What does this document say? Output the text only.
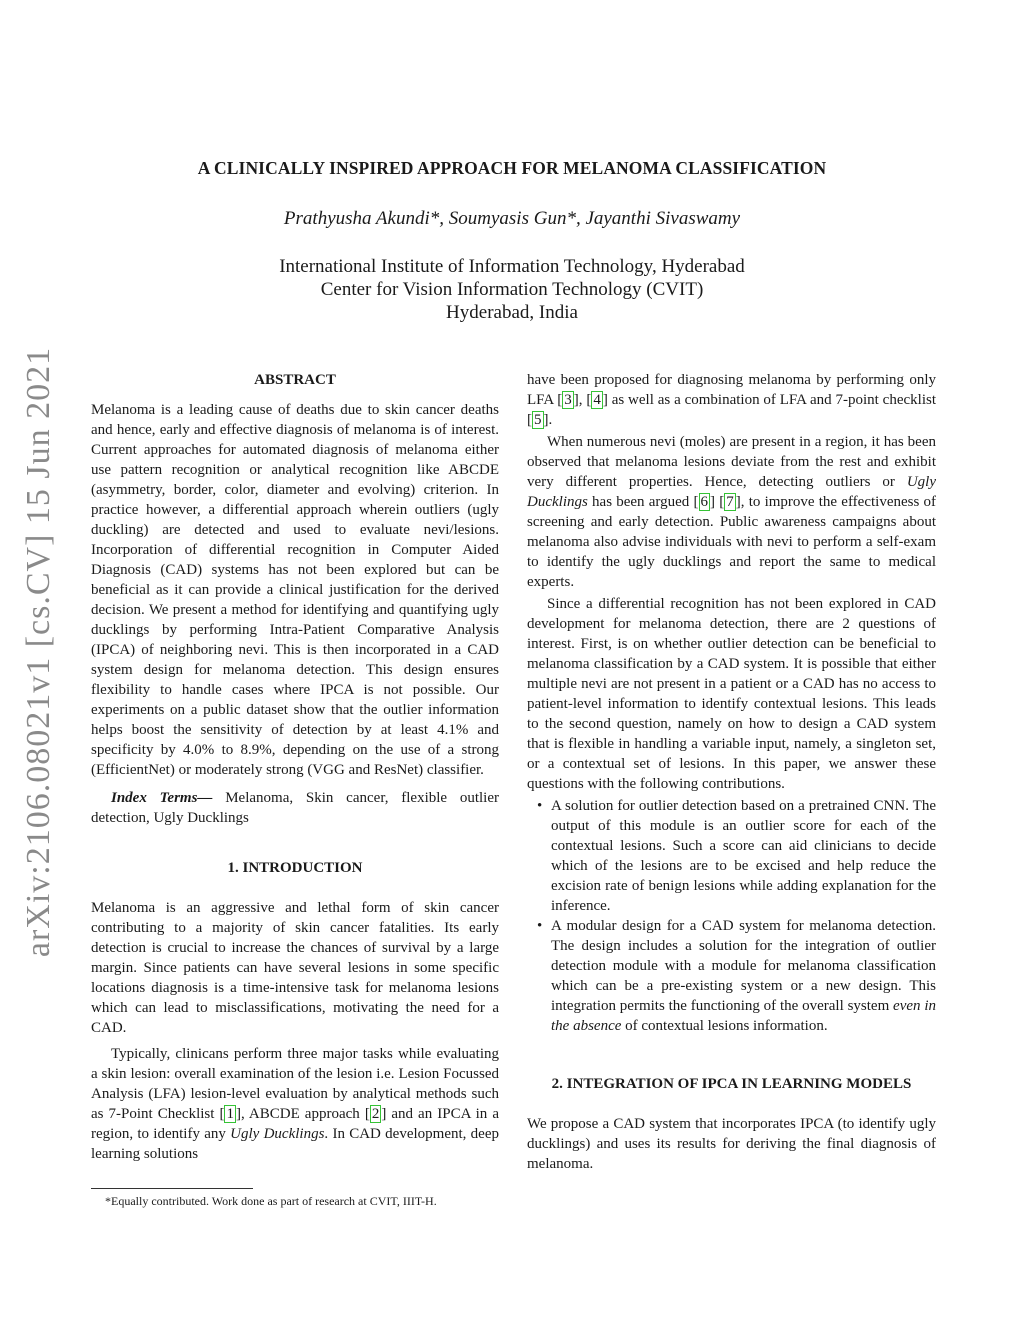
arXiv:2106.08021v1 [cs.CV] 15 Jun 2021
A CLINICALLY INSPIRED APPROACH FOR MELANOMA CLASSIFICATION
Prathyusha Akundi*, Soumyasis Gun*, Jayanthi Sivaswamy
International Institute of Information Technology, Hyderabad
Center for Vision Information Technology (CVIT)
Hyderabad, India

ABSTRACT

Melanoma is a leading cause of deaths due to skin cancer deaths and hence, early and effective diagnosis of melanoma is of interest. Current approaches for automated diagnosis of melanoma either use pattern recognition or analytical recognition like ABCDE (asymmetry, border, color, diameter and evolving) criterion. In practice however, a differential approach wherein outliers (ugly duckling) are detected and used to evaluate nevi/lesions. Incorporation of differential recognition in Computer Aided Diagnosis (CAD) systems has not been explored but can be beneficial as it can provide a clinical justification for the derived decision. We present a method for identifying and quantifying ugly ducklings by performing Intra-Patient Comparative Analysis (IPCA) of neighboring nevi. This is then incorporated in a CAD system design for melanoma detection. This design ensures flexibility to handle cases where IPCA is not possible. Our experiments on a public dataset show that the outlier information helps boost the sensitivity of detection by at least 4.1% and specificity by 4.0% to 8.9%, depending on the use of a strong (EfficientNet) or moderately strong (VGG and ResNet) classifier.

Index Terms— Melanoma, Skin cancer, flexible outlier detection, Ugly Ducklings

1. INTRODUCTION

Melanoma is an aggressive and lethal form of skin cancer contributing to a majority of skin cancer fatalities. Its early detection is crucial to increase the chances of survival by a large margin. Since patients can have several lesions in some specific locations diagnosis is a time-intensive task for melanoma lesions which can lead to misclassifications, motivating the need for a CAD.

Typically, clinicans perform three major tasks while evaluating a skin lesion: overall examination of the lesion i.e. Lesion Focussed Analysis (LFA) lesion-level evaluation by analytical methods such as 7-Point Checklist [ 1 ], ABCDE approach [ 2 ] and an IPCA in a region, to identify any Ugly Ducklings. In CAD development, deep learning solutions

have been proposed for diagnosing melanoma by performing only LFA [ 3 ], [ 4 ] as well as a combination of LFA and 7-point checklist [ 5 ].

When numerous nevi (moles) are present in a region, it has been observed that melanoma lesions deviate from the rest and exhibit very different properties. Hence, detecting outliers or Ugly Ducklings has been argued [ 6 ] [ 7 ], to improve the effectiveness of screening and early detection. Public awareness campaigns about melanoma also advise individuals with nevi to perform a self-exam to identify the ugly ducklings and report the same to medical experts.

Since a differential recognition has not been explored in CAD development for melanoma detection, there are 2 questions of interest. First, is on whether outlier detection can be beneficial to melanoma classification by a CAD system. It is possible that either multiple nevi are not present in a patient or a CAD has no access to patient-level information to identify contextual lesions. This leads to the second question, namely on how to design a CAD system that is flexible in handling a variable input, namely, a singleton set, or a contextual set of lesions. In this paper, we answer these questions with the following contributions.

• A solution for outlier detection based on a pretrained CNN. The output of this module is an outlier score for each of the contextual lesions. Such a score can aid clinicians to decide which of the lesions are to be excised and help reduce the excision rate of benign lesions while adding explanation for the inference.
• A modular design for a CAD system for melanoma detection. The design includes a solution for the integration of outlier detection module with a module for melanoma classification which can be a pre-existing system or a new design. This integration permits the functioning of the overall system even in the absence of contextual lesions information.

2. INTEGRATION OF IPCA IN LEARNING MODELS

We propose a CAD system that incorporates IPCA (to identify ugly ducklings) and uses its results for deriving the final diagnosis of melanoma.

*Equally contributed. Work done as part of research at CVIT, IIIT-H.
